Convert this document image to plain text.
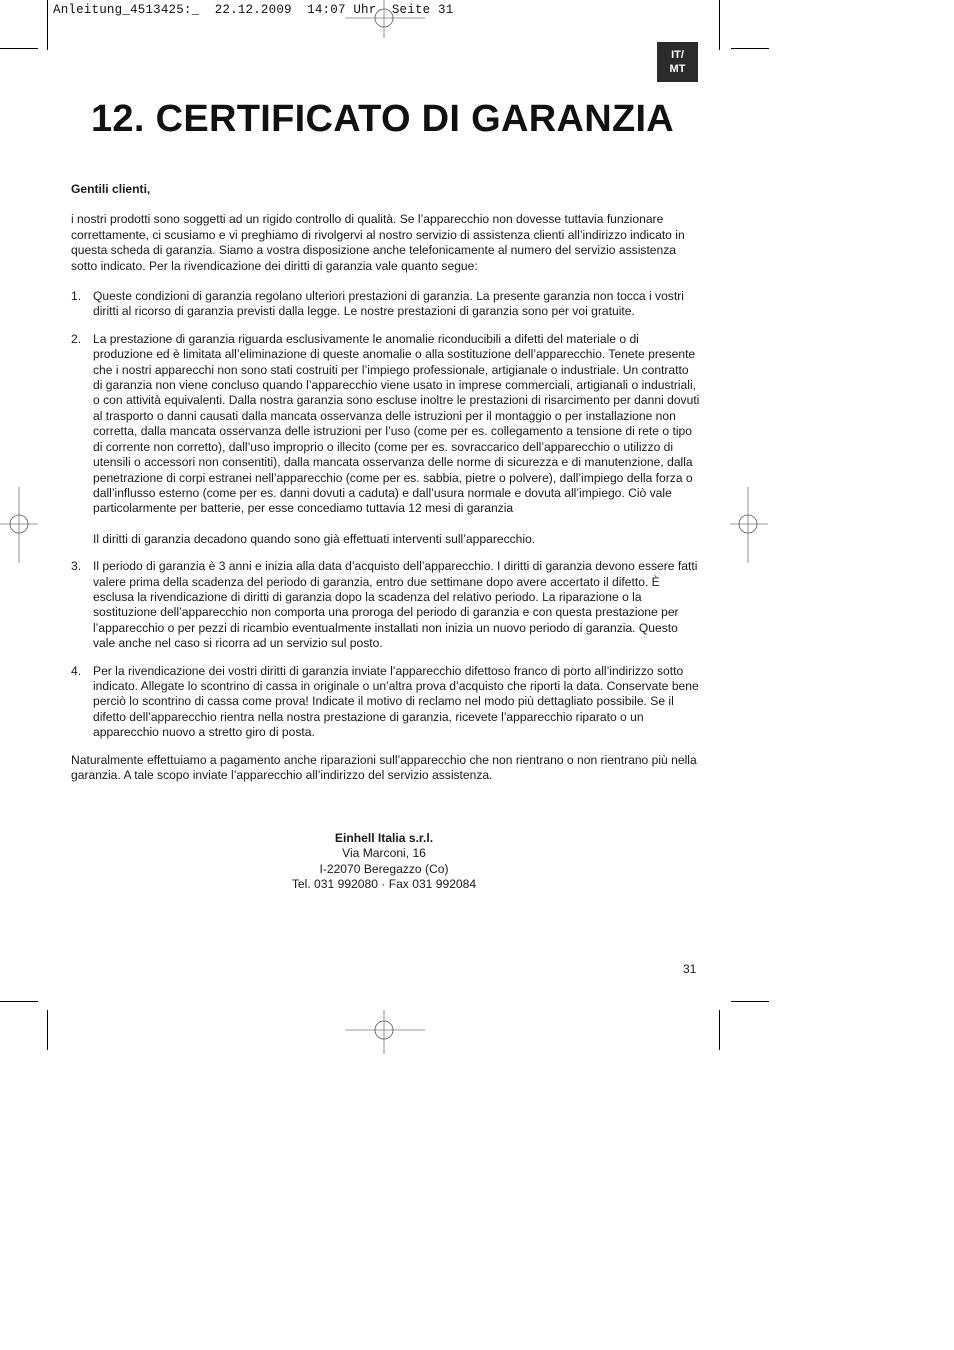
Anleitung_4513425:_  22.12.2009  14:07 Uhr  Seite 31
IT/
MT
12. CERTIFICATO DI GARANZIA

Gentili clienti,

i nostri prodotti sono soggetti ad un rigido controllo di qualità. Se l’apparecchio non dovesse tuttavia funzionare correttamente, ci scusiamo e vi preghiamo di rivolgervi al nostro servizio di assistenza clienti all’indirizzo indicato in questa scheda di garanzia. Siamo a vostra disposizione anche telefonicamente al numero del servizio assistenza sotto indicato. Per la rivendicazione dei diritti di garanzia vale quanto segue:

1. Queste condizioni di garanzia regolano ulteriori prestazioni di garanzia. La presente garanzia non tocca i vostri diritti al ricorso di garanzia previsti dalla legge. Le nostre prestazioni di garanzia sono per voi gratuite.

2. La prestazione di garanzia riguarda esclusivamente le anomalie riconducibili a difetti del materiale o di produzione ed è limitata all’eliminazione di queste anomalie o alla sostituzione dell’apparecchio. Tenete presente che i nostri apparecchi non sono stati costruiti per l’impiego professionale, artigianale o industriale. Un contratto di garanzia non viene concluso quando l’apparecchio viene usato in imprese commerciali, artigianali o industriali, o con attività equivalenti. Dalla nostra garanzia sono escluse inoltre le prestazioni di risarcimento per danni dovuti al trasporto o danni causati dalla mancata osservanza delle istruzioni per il montaggio o per installazione non corretta, dalla mancata osservanza delle istruzioni per l’uso (come per es. collegamento a tensione di rete o tipo di corrente non corretto), dall’uso improprio o illecito (come per es. sovraccarico dell’apparecchio o utilizzo di utensili o accessori non consentiti), dalla mancata osservanza delle norme di sicurezza e di manutenzione, dalla penetrazione di corpi estranei nell’apparecchio (come per es. sabbia, pietre o polvere), dall’impiego della forza o dall’influsso esterno (come per es. danni dovuti a caduta) e dall’usura normale e dovuta all’impiego. Ciò vale particolarmente per batterie, per esse concediamo tuttavia 12 mesi di garanzia

Il diritti di garanzia decadono quando sono già effettuati interventi sull’apparecchio.

3. Il periodo di garanzia è 3 anni e inizia alla data d’acquisto dell’apparecchio. I diritti di garanzia devono essere fatti valere prima della scadenza del periodo di garanzia, entro due settimane dopo avere accertato il difetto. È esclusa la rivendicazione di diritti di garanzia dopo la scadenza del relativo periodo. La riparazione o la sostituzione dell’apparecchio non comporta una proroga del periodo di garanzia e con questa prestazione per l’apparecchio o per pezzi di ricambio eventualmente installati non inizia un nuovo periodo di garanzia. Questo vale anche nel caso si ricorra ad un servizio sul posto.

4. Per la rivendicazione dei vostri diritti di garanzia inviate l’apparecchio difettoso franco di porto all’indirizzo sotto indicato. Allegate lo scontrino di cassa in originale o un’altra prova d’acquisto che riporti la data. Conservate bene perciò lo scontrino di cassa come prova! Indicate il motivo di reclamo nel modo più dettagliato possibile. Se il difetto dell’apparecchio rientra nella nostra prestazione di garanzia, ricevete l’apparecchio riparato o un apparecchio nuovo a stretto giro di posta.

Naturalmente effettuiamo a pagamento anche riparazioni sull’apparecchio che non rientrano o non rientrano più nella garanzia. A tale scopo inviate l’apparecchio all’indirizzo del servizio assistenza.

Einhell Italia s.r.l.
Via Marconi, 16
I-22070 Beregazzo (Co)
Tel. 031 992080 · Fax 031 992084
31
